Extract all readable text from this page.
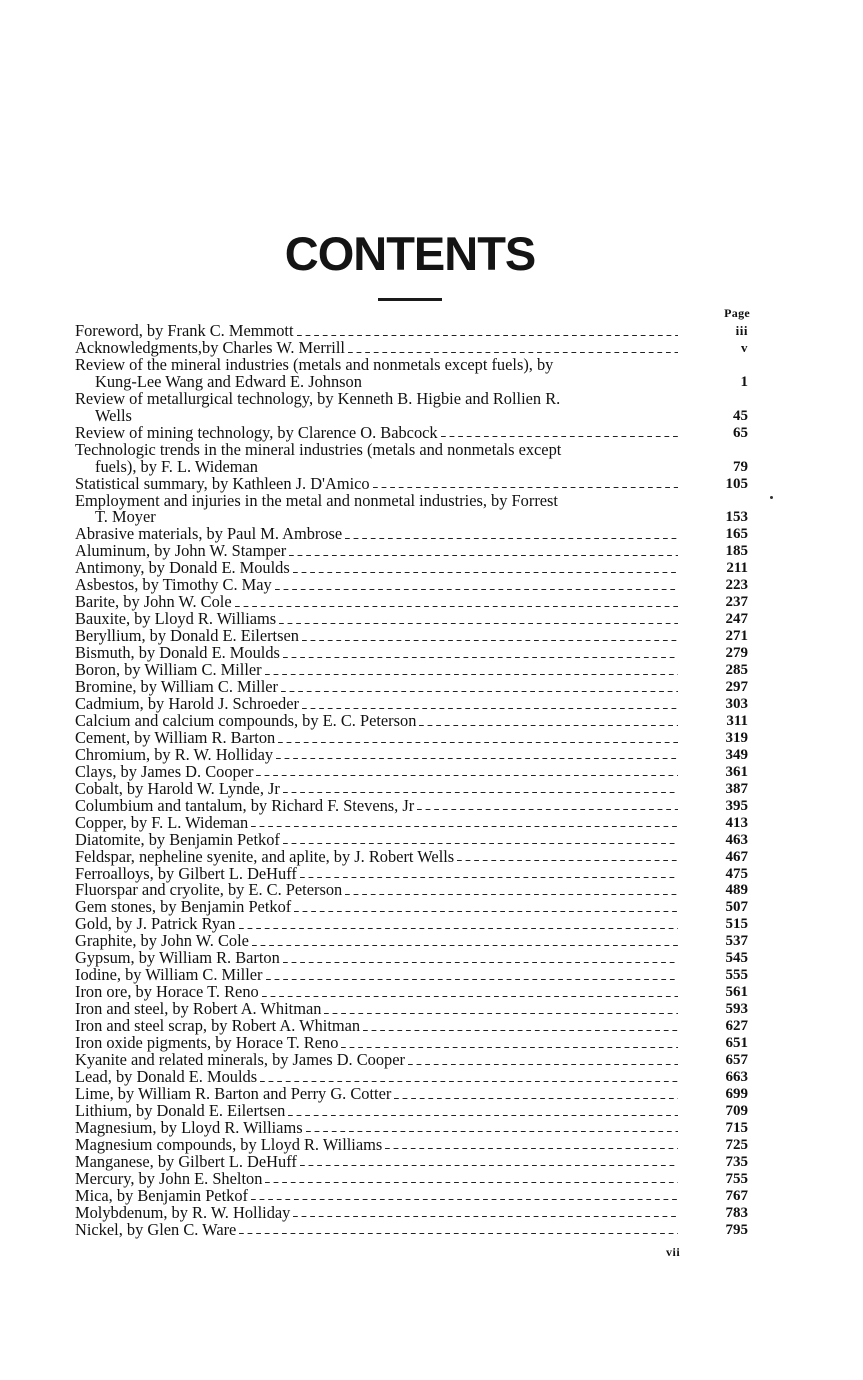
CONTENTS
Page
Foreword, by Frank C. Memmott	iii
Acknowledgments,by Charles W. Merrill	v
Review of the mineral industries (metals and nonmetals except fuels), by
Kung-Lee Wang and Edward E. Johnson	1
Review of metallurgical technology, by Kenneth B. Higbie and Rollien R.
Wells	45
Review of mining technology, by Clarence O. Babcock	65
Technologic trends in the mineral industries (metals and nonmetals except
fuels), by F. L. Wideman	79
Statistical summary, by Kathleen J. D'Amico	105
Employment and injuries in the metal and nonmetal industries, by Forrest
T. Moyer	153
Abrasive materials, by Paul M. Ambrose	165
Aluminum, by John W. Stamper	185
Antimony, by Donald E. Moulds	211
Asbestos, by Timothy C. May	223
Barite, by John W. Cole	237
Bauxite, by Lloyd R. Williams	247
Beryllium, by Donald E. Eilertsen	271
Bismuth, by Donald E. Moulds	279
Boron, by William C. Miller	285
Bromine, by William C. Miller	297
Cadmium, by Harold J. Schroeder	303
Calcium and calcium compounds, by E. C. Peterson	311
Cement, by William R. Barton	319
Chromium, by R. W. Holliday	349
Clays, by James D. Cooper	361
Cobalt, by Harold W. Lynde, Jr	387
Columbium and tantalum, by Richard F. Stevens, Jr	395
Copper, by F. L. Wideman	413
Diatomite, by Benjamin Petkof	463
Feldspar, nepheline syenite, and aplite, by J. Robert Wells	467
Ferroalloys, by Gilbert L. DeHuff	475
Fluorspar and cryolite, by E. C. Peterson	489
Gem stones, by Benjamin Petkof	507
Gold, by J. Patrick Ryan	515
Graphite, by John W. Cole	537
Gypsum, by William R. Barton	545
Iodine, by William C. Miller	555
Iron ore, by Horace T. Reno	561
Iron and steel, by Robert A. Whitman	593
Iron and steel scrap, by Robert A. Whitman	627
Iron oxide pigments, by Horace T. Reno	651
Kyanite and related minerals, by James D. Cooper	657
Lead, by Donald E. Moulds	663
Lime, by William R. Barton and Perry G. Cotter	699
Lithium, by Donald E. Eilertsen	709
Magnesium, by Lloyd R. Williams	715
Magnesium compounds, by Lloyd R. Williams	725
Manganese, by Gilbert L. DeHuff	735
Mercury, by John E. Shelton	755
Mica, by Benjamin Petkof	767
Molybdenum, by R. W. Holliday	783
Nickel, by Glen C. Ware	795
vii
